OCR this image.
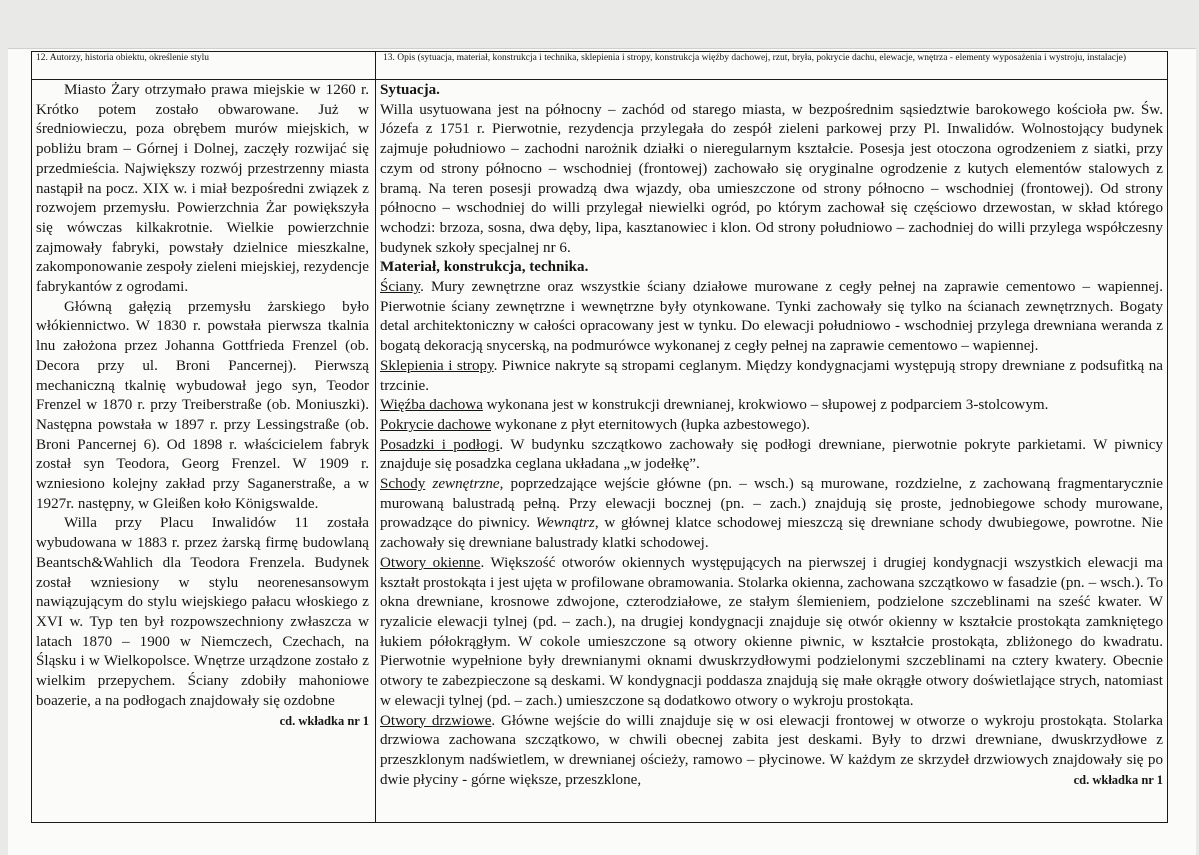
12. Autorzy, historia obiektu, określenie stylu	13. Opis (sytuacja, materiał, konstrukcja i technika, sklepienia i stropy, konstrukcja więźby dachowej, rzut, bryła, pokrycie dachu, elewacje, wnętrza - elementy wyposażenia i wystroju, instalacje)

Miasto Żary otrzymało prawa miejskie w 1260 r. Krótko potem zostało obwarowane. Już w średniowieczu, poza obrębem murów miejskich, w pobliżu bram – Górnej i Dolnej, zaczęły rozwijać się przedmieścia. Największy rozwój przestrzenny miasta nastąpił na pocz. XIX w. i miał bezpośredni związek z rozwojem przemysłu. Powierzchnia Żar powiększyła się wówczas kilkakrotnie. Wielkie powierzchnie zajmowały fabryki, powstały dzielnice mieszkalne, zakomponowanie zespoły zieleni miejskiej, rezydencje fabrykantów z ogrodami.

Główną gałęzią przemysłu żarskiego było włókiennictwo. W 1830 r. powstała pierwsza tkalnia lnu założona przez Johanna Gottfrieda Frenzel (ob. Decora przy ul. Broni Pancernej). Pierwszą mechaniczną tkalnię wybudował jego syn, Teodor Frenzel w 1870 r. przy Treiberstraße (ob. Moniuszki). Następna powstała w 1897 r. przy Lessingstraße (ob. Broni Pancernej 6). Od 1898 r. właścicielem fabryk został syn Teodora, Georg Frenzel. W 1909 r. wzniesiono kolejny zakład przy Saganerstraße, a w 1927r. następny, w Gleißen koło Königswalde.

Willa przy Placu Inwalidów 11 została wybudowana w 1883 r. przez żarską firmę budowlaną Beantsch&Wahlich dla Teodora Frenzela. Budynek został wzniesiony w stylu neorenesansowym nawiązującym do stylu wiejskiego pałacu włoskiego z XVI w. Typ ten był rozpowszechniony zwłaszcza w latach 1870 – 1900 w Niemczech, Czechach, na Śląsku i w Wielkopolsce. Wnętrze urządzone zostało z wielkim przepychem. Ściany zdobiły mahoniowe boazerie, a na podłogach znajdowały się ozdobne
cd. wkładka nr 1

Sytuacja.

Willa usytuowana jest na północny – zachód od starego miasta, w bezpośrednim sąsiedztwie barokowego kościoła pw. Św. Józefa z 1751 r. Pierwotnie, rezydencja przylegała do zespół zieleni parkowej przy Pl. Inwalidów. Wolnostojący budynek zajmuje południowo – zachodni narożnik działki o nieregularnym kształcie. Posesja jest otoczona ogrodzeniem z siatki, przy czym od strony północno – wschodniej (frontowej) zachowało się oryginalne ogrodzenie z kutych elementów stalowych z bramą. Na teren posesji prowadzą dwa wjazdy, oba umieszczone od strony północno – wschodniej (frontowej). Od strony północno – wschodniej do willi przylegał niewielki ogród, po którym zachował się częściowo drzewostan, w skład którego wchodzi: brzoza, sosna, dwa dęby, lipa, kasztanowiec i klon. Od strony południowo – zachodniej do willi przylega współczesny budynek szkoły specjalnej nr 6.

Materiał, konstrukcja, technika.

Ściany. Mury zewnętrzne oraz wszystkie ściany działowe murowane z cegły pełnej na zaprawie cementowo – wapiennej. Pierwotnie ściany zewnętrzne i wewnętrzne były otynkowane. Tynki zachowały się tylko na ścianach zewnętrznych. Bogaty detal architektoniczny w całości opracowany jest w tynku. Do elewacji południowo - wschodniej przylega drewniana weranda z bogatą dekoracją snycerską, na podmurówce wykonanej z cegły pełnej na zaprawie cementowo – wapiennej.

Sklepienia i stropy. Piwnice nakryte są stropami ceglanym. Między kondygnacjami występują stropy drewniane z podsufitką na trzcinie.

Więźba dachowa wykonana jest w konstrukcji drewnianej, krokwiowo – słupowej z podparciem 3-stolcowym.

Pokrycie dachowe wykonane z płyt eternitowych (łupka azbestowego).

Posadzki i podłogi. W budynku szczątkowo zachowały się podłogi drewniane, pierwotnie pokryte parkietami. W piwnicy znajduje się posadzka ceglana układana „w jodełkę”.

Schody zewnętrzne, poprzedzające wejście główne (pn. – wsch.) są murowane, rozdzielne, z zachowaną fragmentarycznie murowaną balustradą pełną. Przy elewacji bocznej (pn. – zach.) znajdują się proste, jednobiegowe schody murowane, prowadzące do piwnicy. Wewnątrz, w głównej klatce schodowej mieszczą się drewniane schody dwubiegowe, powrotne. Nie zachowały się drewniane balustrady klatki schodowej.

Otwory okienne. Większość otworów okiennych występujących na pierwszej i drugiej kondygnacji wszystkich elewacji ma kształt prostokąta i jest ujęta w profilowane obramowania. Stolarka okienna, zachowana szczątkowo w fasadzie (pn. – wsch.). To okna drewniane, krosnowe zdwojone, czterodziałowe, ze stałym ślemieniem, podzielone szczeblinami na sześć kwater. W ryzalicie elewacji tylnej (pd. – zach.), na drugiej kondygnacji znajduje się otwór okienny w kształcie prostokąta zamkniętego łukiem półokrągłym. W cokole umieszczone są otwory okienne piwnic, w kształcie prostokąta, zbliżonego do kwadratu. Pierwotnie wypełnione były drewnianymi oknami dwuskrzydłowymi podzielonymi szczeblinami na cztery kwatery. Obecnie otwory te zabezpieczone są deskami. W kondygnacji poddasza znajdują się małe okrągłe otwory doświetlające strych, natomiast w elewacji tylnej (pd. – zach.) umieszczone są dodatkowo otwory o wykroju prostokąta.

Otwory drzwiowe. Główne wejście do willi znajduje się w osi elewacji frontowej w otworze o wykroju prostokąta. Stolarka drzwiowa zachowana szczątkowo, w chwili obecnej zabita jest deskami. Były to drzwi drewniane, dwuskrzydłowe z przeszklonym nadświetlem, w drewnianej ościeży, ramowo – płycinowe. W każdym ze skrzydeł drzwiowych znajdowały się po dwie płyciny - górne większe, przeszklone,	cd. wkładka nr 1
